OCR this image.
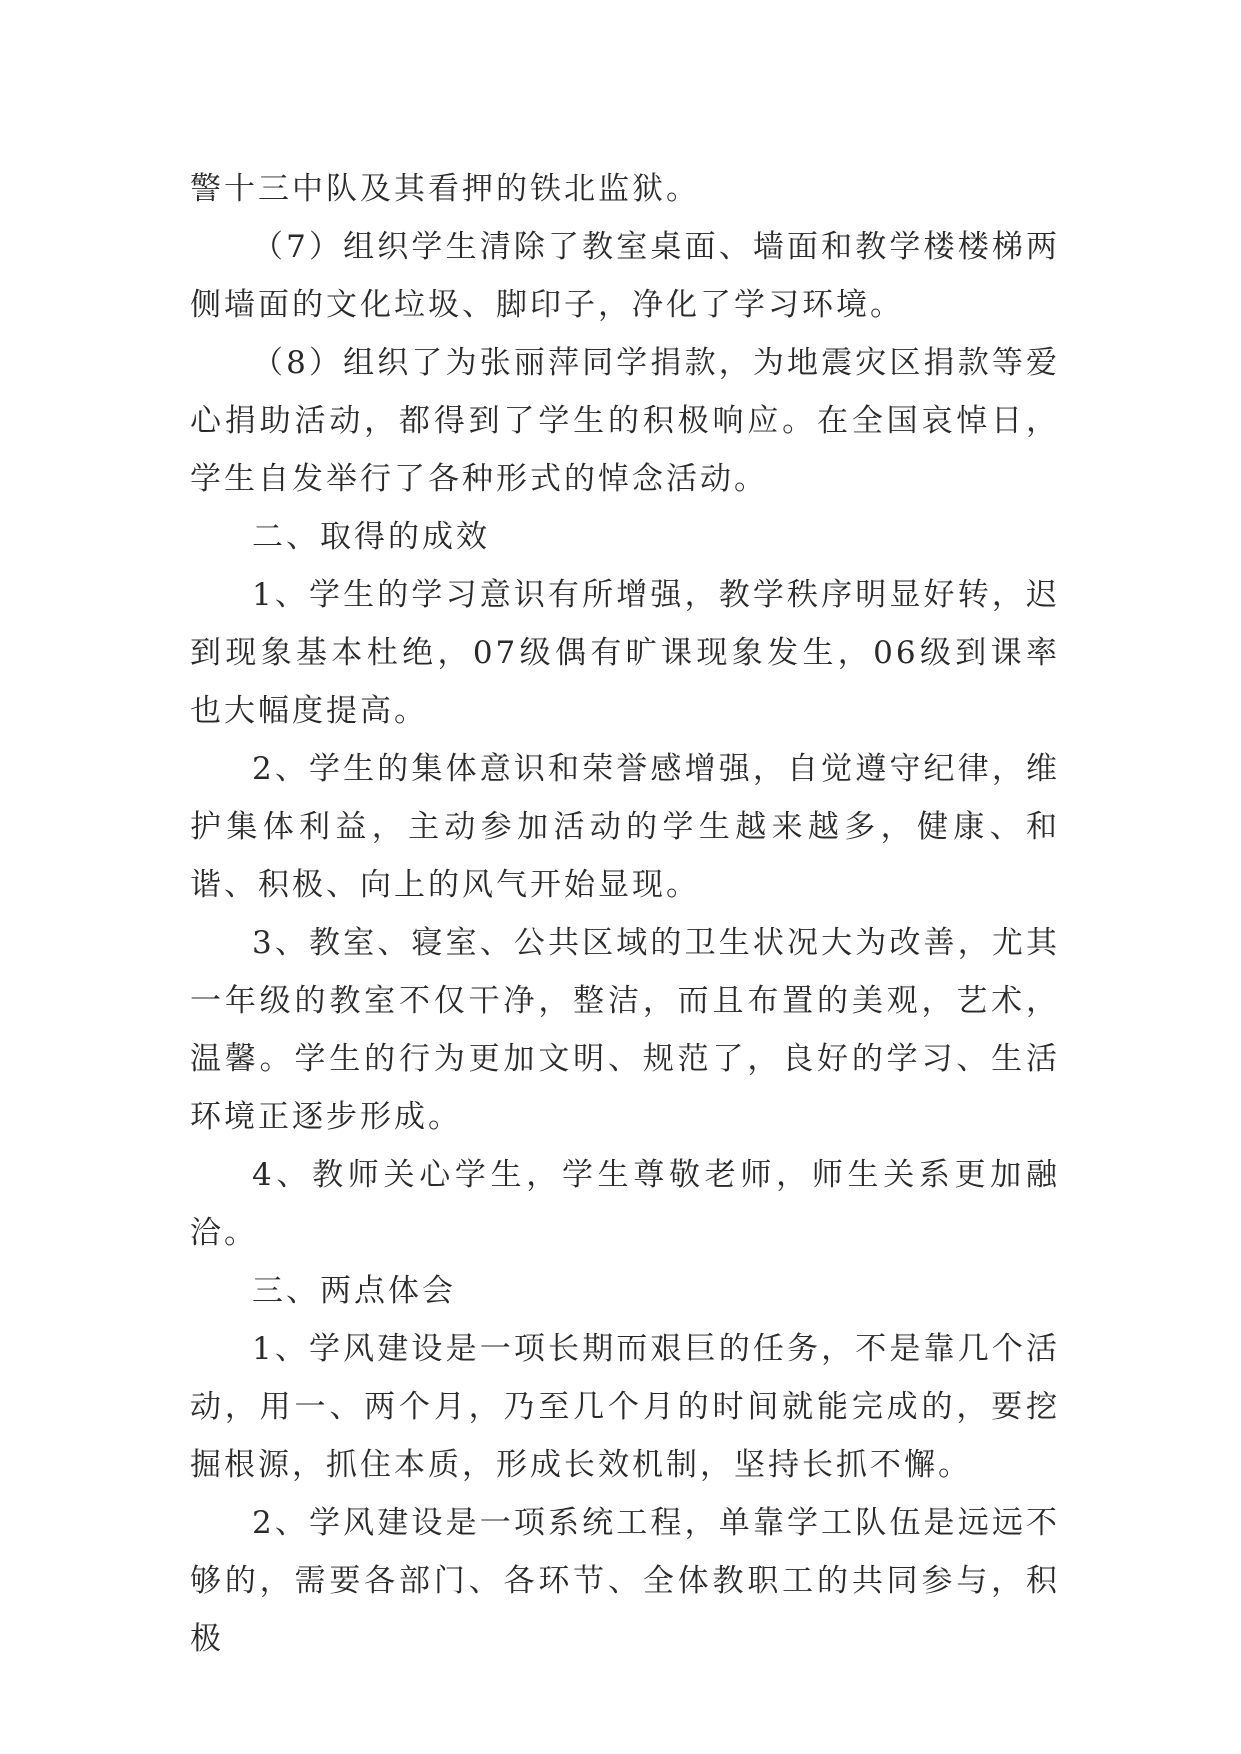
警十三中队及其看押的铁北监狱。

（7）组织学生清除了教室桌面、墙面和教学楼楼梯两侧墙面的文化垃圾、脚印子，净化了学习环境。

（8）组织了为张丽萍同学捐款，为地震灾区捐款等爱心捐助活动，都得到了学生的积极响应。在全国哀悼日，学生自发举行了各种形式的悼念活动。

二、取得的成效

1、学生的学习意识有所增强，教学秩序明显好转，迟到现象基本杜绝，07级偶有旷课现象发生，06级到课率也大幅度提高。

2、学生的集体意识和荣誉感增强，自觉遵守纪律，维护集体利益，主动参加活动的学生越来越多，健康、和谐、积极、向上的风气开始显现。

3、教室、寝室、公共区域的卫生状况大为改善，尤其一年级的教室不仅干净，整洁，而且布置的美观，艺术，温馨。学生的行为更加文明、规范了，良好的学习、生活环境正逐步形成。

4、教师关心学生，学生尊敬老师，师生关系更加融洽。

三、两点体会

1、学风建设是一项长期而艰巨的任务，不是靠几个活动，用一、两个月，乃至几个月的时间就能完成的，要挖掘根源，抓住本质，形成长效机制，坚持长抓不懈。

2、学风建设是一项系统工程，单靠学工队伍是远远不够的，需要各部门、各环节、全体教职工的共同参与，积极
